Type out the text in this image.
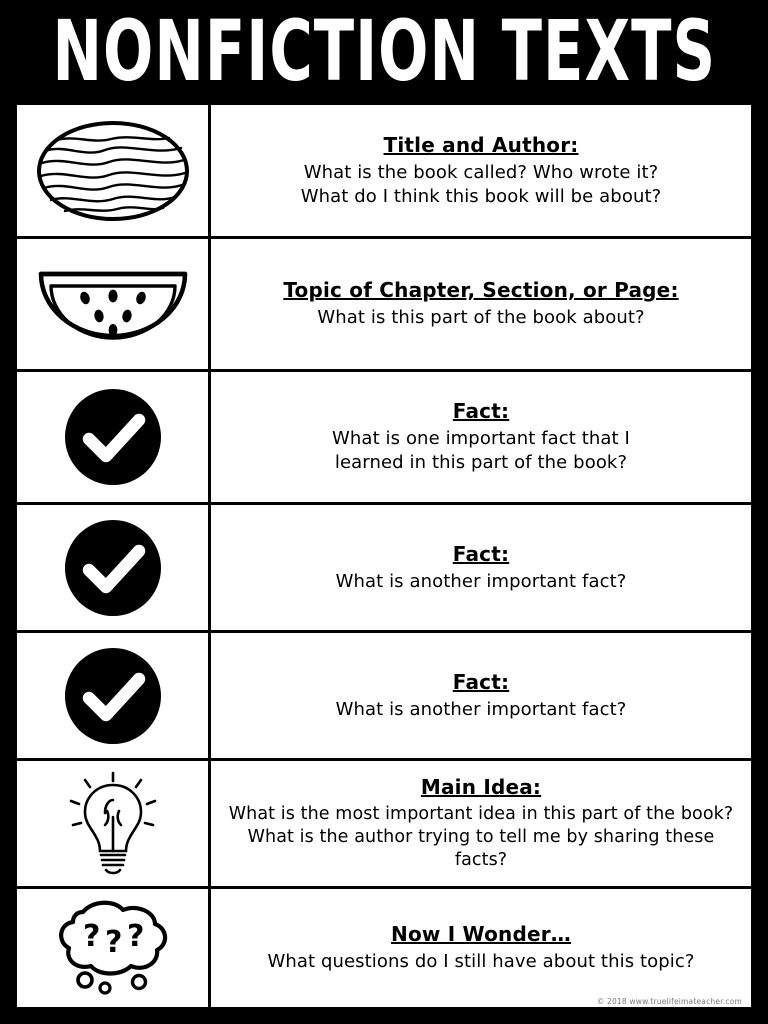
NONFICTION TEXTS
Title and Author:
What is the book called? Who wrote it?
What do I think this book will be about?
Topic of Chapter, Section, or Page:
What is this part of the book about?
Fact:
What is one important fact that I
learned in this part of the book?
Fact:
What is another important fact?
Fact:
What is another important fact?
Main Idea:
What is the most important idea in this part of the book?
What is the author trying to tell me by sharing these facts?
? ? ?	Now I Wonder…
What questions do I still have about this topic?
© 2018 www.truelifeimateacher.com
